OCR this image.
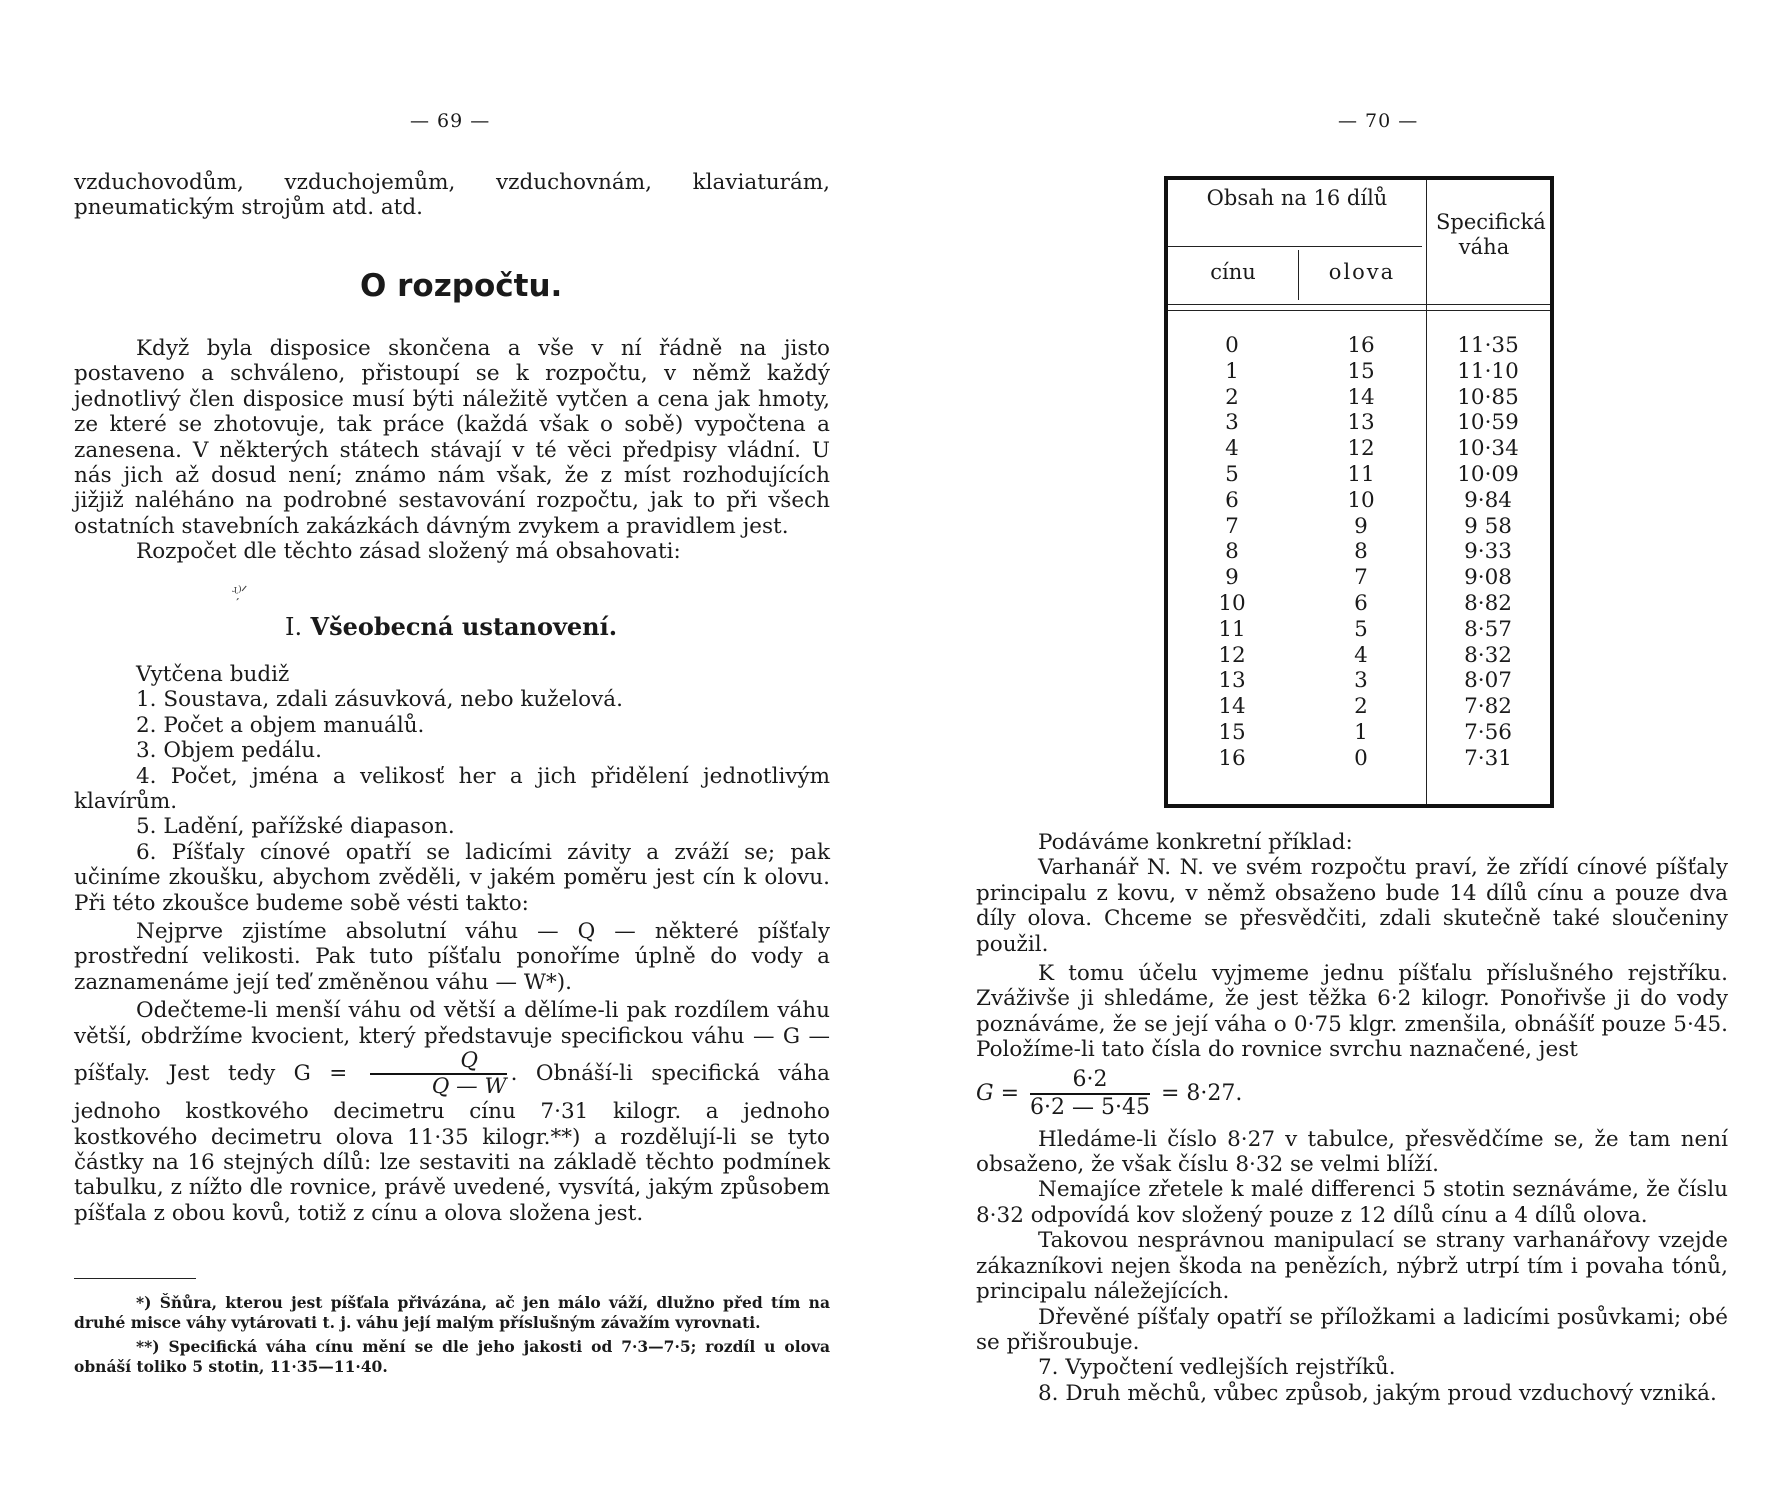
— 69 —

vzduchovodům, vzduchojemům, vzduchovnám, klaviaturám, pneumatickým strojům atd. atd.

O rozpočtu.

Když byla disposice skončena a vše v ní řádně na jisto postaveno a schváleno, přistoupí se k rozpočtu, v němž každý jednotlivý člen disposice musí býti náležitě vytčen a cena jak hmoty, ze které se zhotovuje, tak práce (každá však o sobě) vypočtena a zanesena. V některých státech stávají v té věci předpisy vládní. U nás jich až dosud není; známo nám však, že z míst rozhodujících jižjiž naléháno na podrobné sestavování rozpočtu, jak to při všech ostatních stavebních zakázkách dávným zvykem a pravidlem jest.

Rozpočet dle těchto zásad složený má obsahovati:

ʵ⁾̦ᐟ
I. Všeobecná ustanovení.

Vytčena budiž

1. Soustava, zdali zásuvková, nebo kuželová.

2. Počet a objem manuálů.

3. Objem pedálu.

4. Počet, jména a velikosť her a jich přidělení jednotlivým klavírům.

5. Ladění, pařížské diapason.

6. Píšťaly cínové opatří se ladicími závity a zváží se; pak učiníme zkoušku, abychom zvěděli, v jakém poměru jest cín k olovu. Při této zkoušce budeme sobě vésti takto:

Nejprve zjistíme absolutní váhu — Q — některé píšťaly prostřední velikosti. Pak tuto píšťalu ponoříme úplně do vody a zaznamenáme její teď změněnou váhu — W*).

Odečteme-li menší váhu od větší a dělíme-li pak rozdílem váhu větší, obdržíme kvocient, který představuje specifickou váhu — G — píšťaly. Jest tedy $G = \frac{Q}{Q — W}$ . Obnáší-li specifická váha jednoho kostkového decimetru cínu 7·31 kilogr. a jednoho kostkového decimetru olova 11·35 kilogr.**) a rozdělují-li se tyto částky na 16 stejných dílů: lze sestaviti na základě těchto podmínek tabulku, z nížto dle rovnice, právě uvedené, vysvítá, jakým způsobem píšťala z obou kovů, totiž z cínu a olova složena jest.

*) Šňůra, kterou jest píšťala přivázána, ač jen málo váží, dlužno před tím na druhé misce váhy vytárovati t. j. váhu její malým příslušným závažím vyrovnati.

**) Specifická váha cínu mění se dle jeho jakosti od 7·3—7·5; rozdíl u olova obnáší toliko 5 stotin, 11·35—11·40.

— 70 —
Obsah na 16 dílů
cínu	olova
Specifická váha
0	16	11·35
1	15	11·10
2	14	10·85
3	13	10·59
4	12	10·34
5	11	10·09
6	10	9·84
7	9	9 58
8	8	9·33
9	7	9·08
10	6	8·82
11	5	8·57
12	4	8·32
13	3	8·07
14	2	7·82
15	1	7·56
16	0	7·31

Podáváme konkretní příklad:

Varhanář N. N. ve svém rozpočtu praví, že zřídí cínové píšťaly principalu z kovu, v němž obsaženo bude 14 dílů cínu a pouze dva díly olova. Chceme se přesvědčiti, zdali skutečně také sloučeniny použil.

K tomu účelu vyjmeme jednu píšťalu příslušného rejstříku. Zváživše ji shledáme, že jest těžka 6·2 kilogr. Ponořivše ji do vody poznáváme, že se její váha o 0·75 klgr. zmenšila, obnášíť pouze 5·45. Položíme-li tato čísla do rovnice svrchu naznačené, jest

$G = \frac{6\cdot 2}{6\cdot 2 — 5\cdot 45} = 8\cdot 27$.

Hledáme-li číslo 8·27 v tabulce, přesvědčíme se, že tam není obsaženo, že však číslu 8·32 se velmi blíží.

Nemajíce zřetele k malé differenci 5 stotin seznáváme, že číslu 8·32 odpovídá kov složený pouze z 12 dílů cínu a 4 dílů olova.

Takovou nesprávnou manipulací se strany varhanářovy vzejde zákazníkovi nejen škoda na penězích, nýbrž utrpí tím i povaha tónů, principalu náležejících.

Dřevěné píšťaly opatří se příložkami a ladicími posůvkami; obé se přišroubuje.

7. Vypočtení vedlejších rejstříků.

8. Druh měchů, vůbec způsob, jakým proud vzduchový vzniká.
